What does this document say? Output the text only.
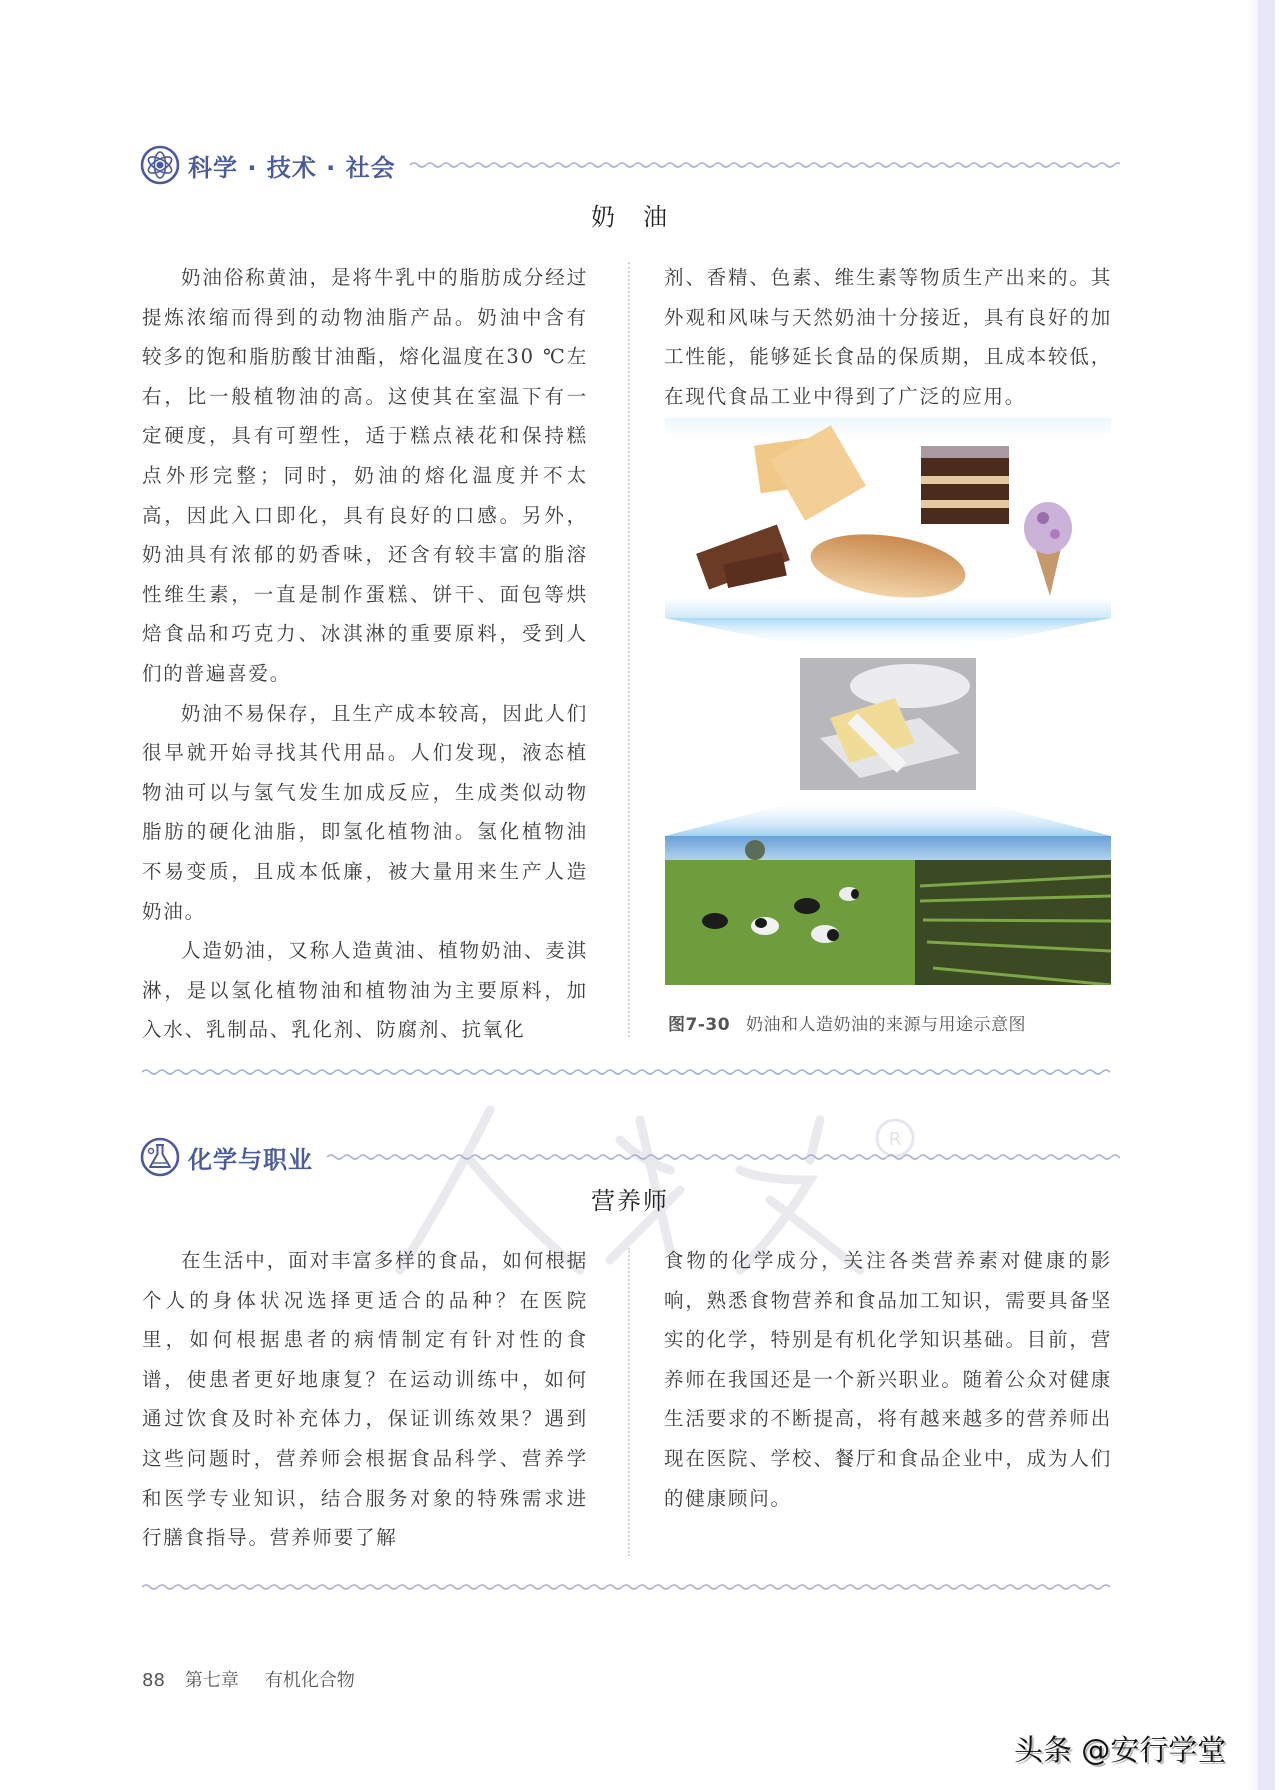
R
科学 · 技术 · 社会
奶　油

奶油俗称黄油，是将牛乳中的脂肪成分经过提炼浓缩而得到的动物油脂产品。奶油中含有较多的饱和脂肪酸甘油酯，熔化温度在30 ℃左右，比一般植物油的高。这使其在室温下有一定硬度，具有可塑性，适于糕点裱花和保持糕点外形完整；同时，奶油的熔化温度并不太高，因此入口即化，具有良好的口感。另外，奶油具有浓郁的奶香味，还含有较丰富的脂溶性维生素，一直是制作蛋糕、饼干、面包等烘焙食品和巧克力、冰淇淋的重要原料，受到人们的普遍喜爱。

奶油不易保存，且生产成本较高，因此人们很早就开始寻找其代用品。人们发现，液态植物油可以与氢气发生加成反应，生成类似动物脂肪的硬化油脂，即氢化植物油。氢化植物油不易变质，且成本低廉，被大量用来生产人造奶油。

人造奶油，又称人造黄油、植物奶油、麦淇淋，是以氢化植物油和植物油为主要原料，加入水、乳制品、乳化剂、防腐剂、抗氧化

剂、香精、色素、维生素等物质生产出来的。其外观和风味与天然奶油十分接近，具有良好的加工性能，能够延长食品的保质期，且成本较低，在现代食品工业中得到了广泛的应用。

图7-30 奶油和人造奶油的来源与用途示意图
化学与职业
营养师

在生活中，面对丰富多样的食品，如何根据个人的身体状况选择更适合的品种？在医院里，如何根据患者的病情制定有针对性的食谱，使患者更好地康复？在运动训练中，如何通过饮食及时补充体力，保证训练效果？遇到这些问题时，营养师会根据食品科学、营养学和医学专业知识，结合服务对象的特殊需求进行膳食指导。营养师要了解

食物的化学成分，关注各类营养素对健康的影响，熟悉食物营养和食品加工知识，需要具备坚实的化学，特别是有机化学知识基础。目前，营养师在我国还是一个新兴职业。随着公众对健康生活要求的不断提高，将有越来越多的营养师出现在医院、学校、餐厅和食品企业中，成为人们的健康顾问。

88 第七章 有机化合物
头条 @安行学堂
